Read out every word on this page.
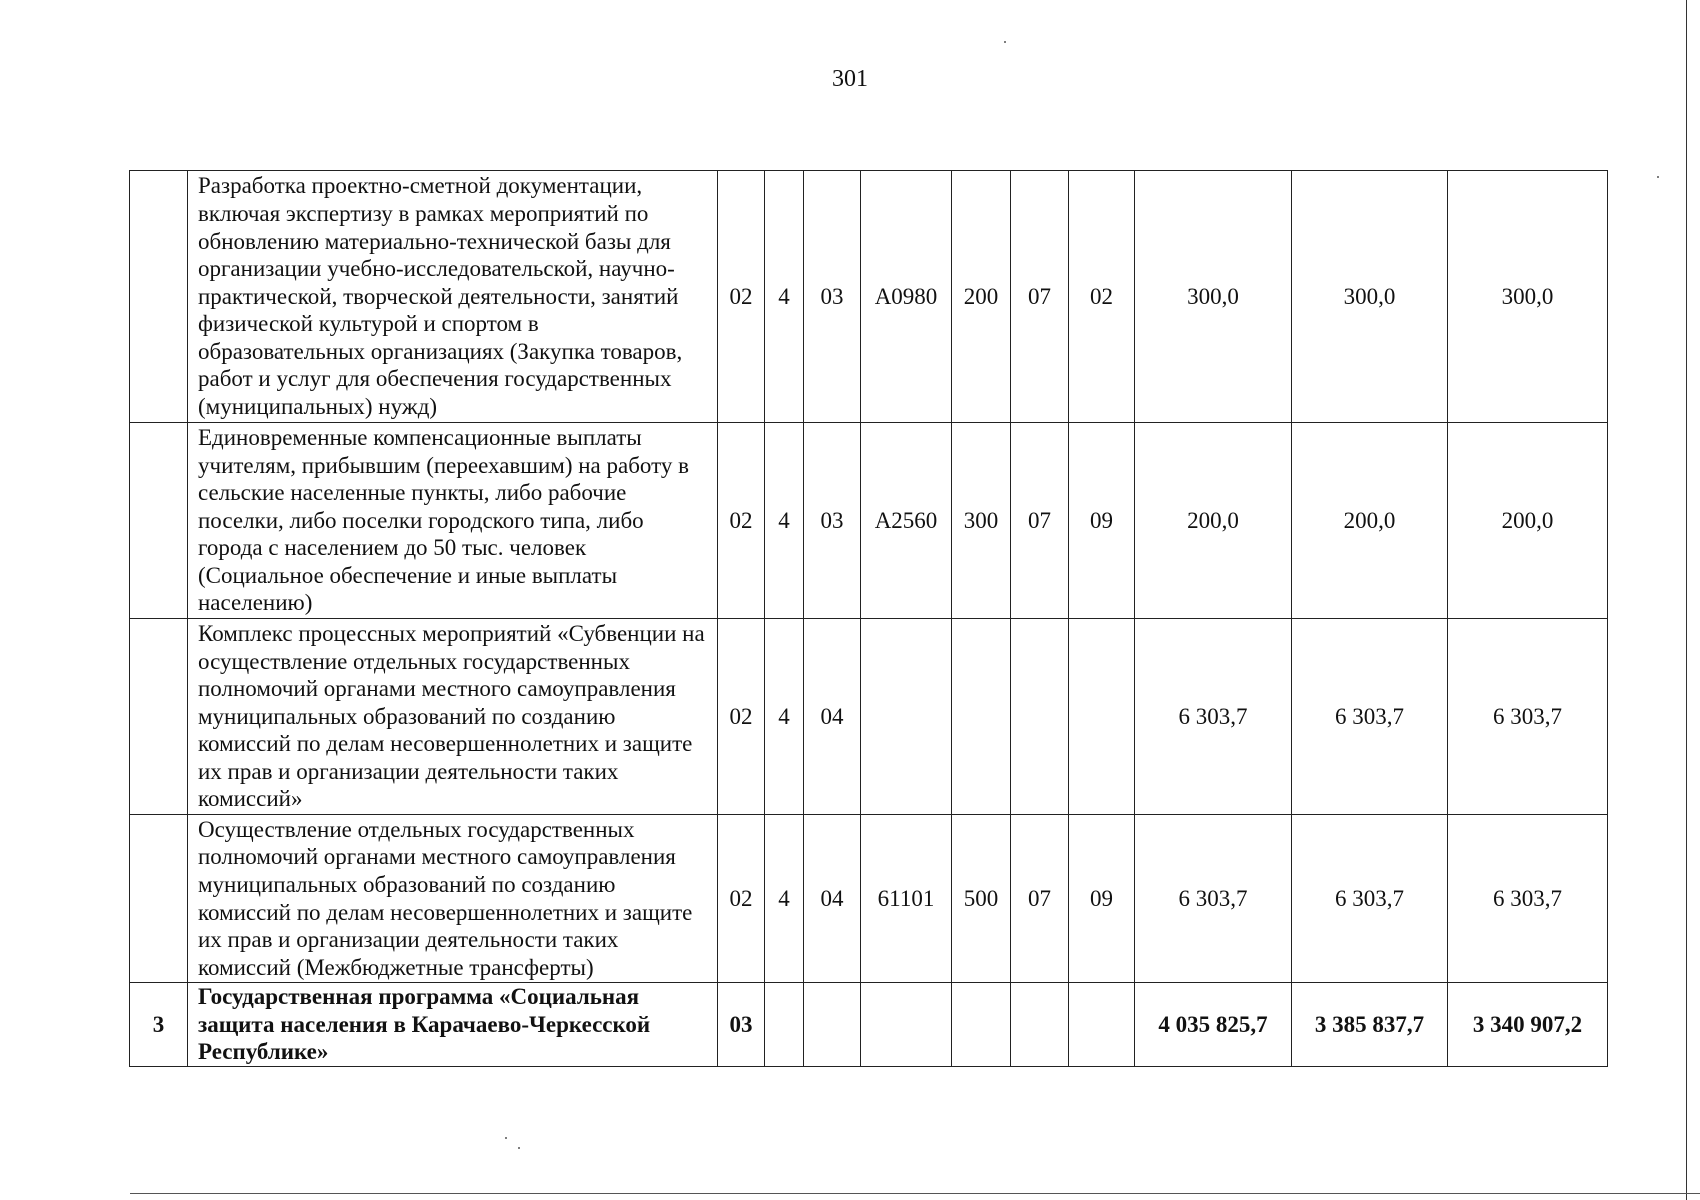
301
	Разработка проектно-сметной документации, включая экспертизу в рамках мероприятий по обновлению материально-технической базы для организации учебно-исследовательской, научно-практической, творческой деятельности, занятий физической культурой и спортом в образовательных организациях (Закупка товаров, работ и услуг для обеспечения государственных (муниципальных) нужд)	02	4	03	A0980	200	07	02	300,0	300,0	300,0
	Единовременные компенсационные выплаты учителям, прибывшим (переехавшим) на работу в сельские населенные пункты, либо рабочие поселки, либо поселки городского типа, либо города с населением до 50 тыс. человек (Социальное обеспечение и иные выплаты населению)	02	4	03	A2560	300	07	09	200,0	200,0	200,0
	Комплекс процессных мероприятий «Субвенции на осуществление отдельных государственных полномочий органами местного самоуправления муниципальных образований по созданию комиссий по делам несовершеннолетних и защите их прав и организации деятельности таких комиссий»	02	4	04					6 303,7	6 303,7	6 303,7
	Осуществление отдельных государственных полномочий органами местного самоуправления муниципальных образований по созданию комиссий по делам несовершеннолетних и защите их прав и организации деятельности таких комиссий (Межбюджетные трансферты)	02	4	04	61101	500	07	09	6 303,7	6 303,7	6 303,7
3	Государственная программа «Социальная защита населения в Карачаево-Черкесской Республике»	03							4 035 825,7	3 385 837,7	3 340 907,2
